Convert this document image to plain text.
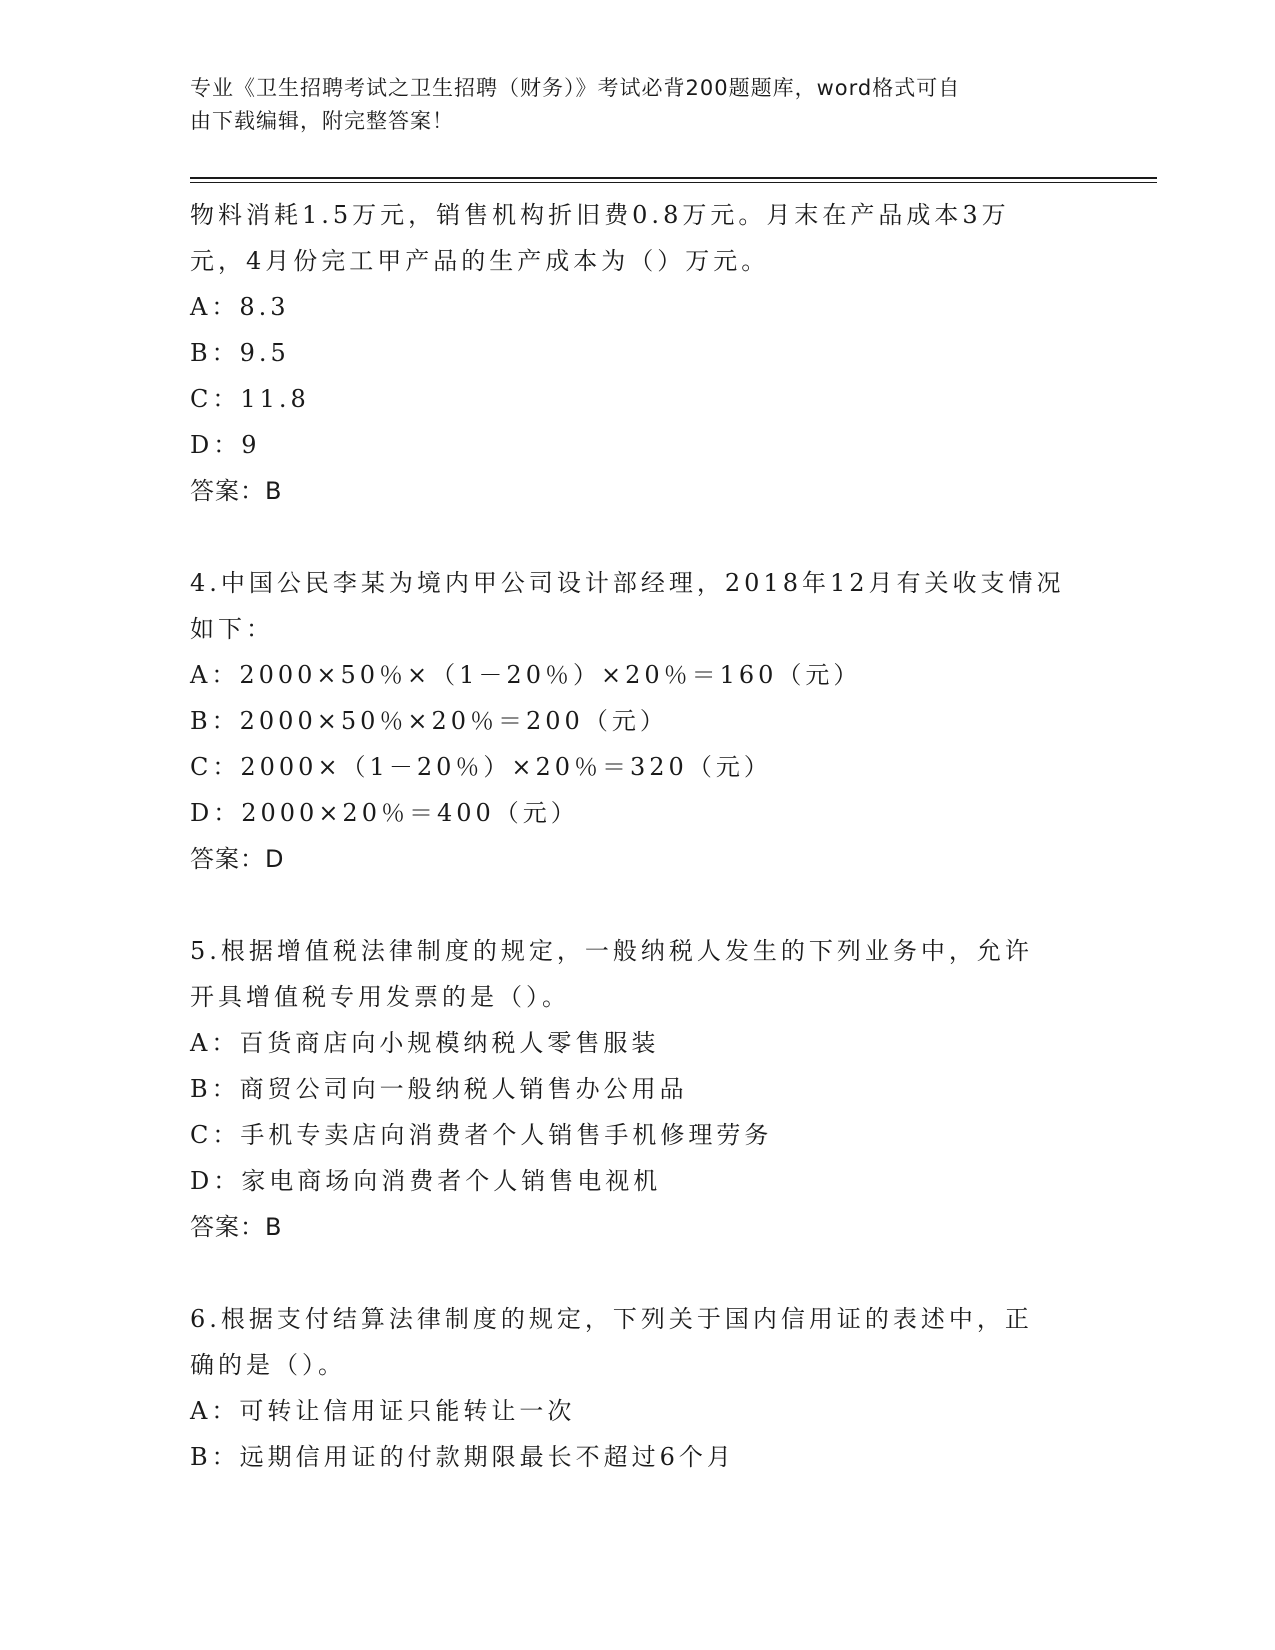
专业《卫生招聘考试之卫生招聘（财务）》考试必背200题题库，word格式可自
由下载编辑，附完整答案！
物料消耗1.5万元，销售机构折旧费0.8万元。月末在产品成本3万
元，4月份完工甲产品的生产成本为（）万元。
A：8.3
B：9.5
C：11.8
D：9
答案：B
4.中国公民李某为境内甲公司设计部经理，2018年12月有关收支情况
如下：
A：2000×50％×（1－20％）×20％＝160（元）
B：2000×50％×20％＝200（元）
C：2000×（1－20％）×20％＝320（元）
D：2000×20％＝400（元）
答案：D
5.根据增值税法律制度的规定，一般纳税人发生的下列业务中，允许
开具增值税专用发票的是（）。
A：百货商店向小规模纳税人零售服装
B：商贸公司向一般纳税人销售办公用品
C：手机专卖店向消费者个人销售手机修理劳务
D：家电商场向消费者个人销售电视机
答案：B
6.根据支付结算法律制度的规定，下列关于国内信用证的表述中，正
确的是（）。
A：可转让信用证只能转让一次
B：远期信用证的付款期限最长不超过6个月
